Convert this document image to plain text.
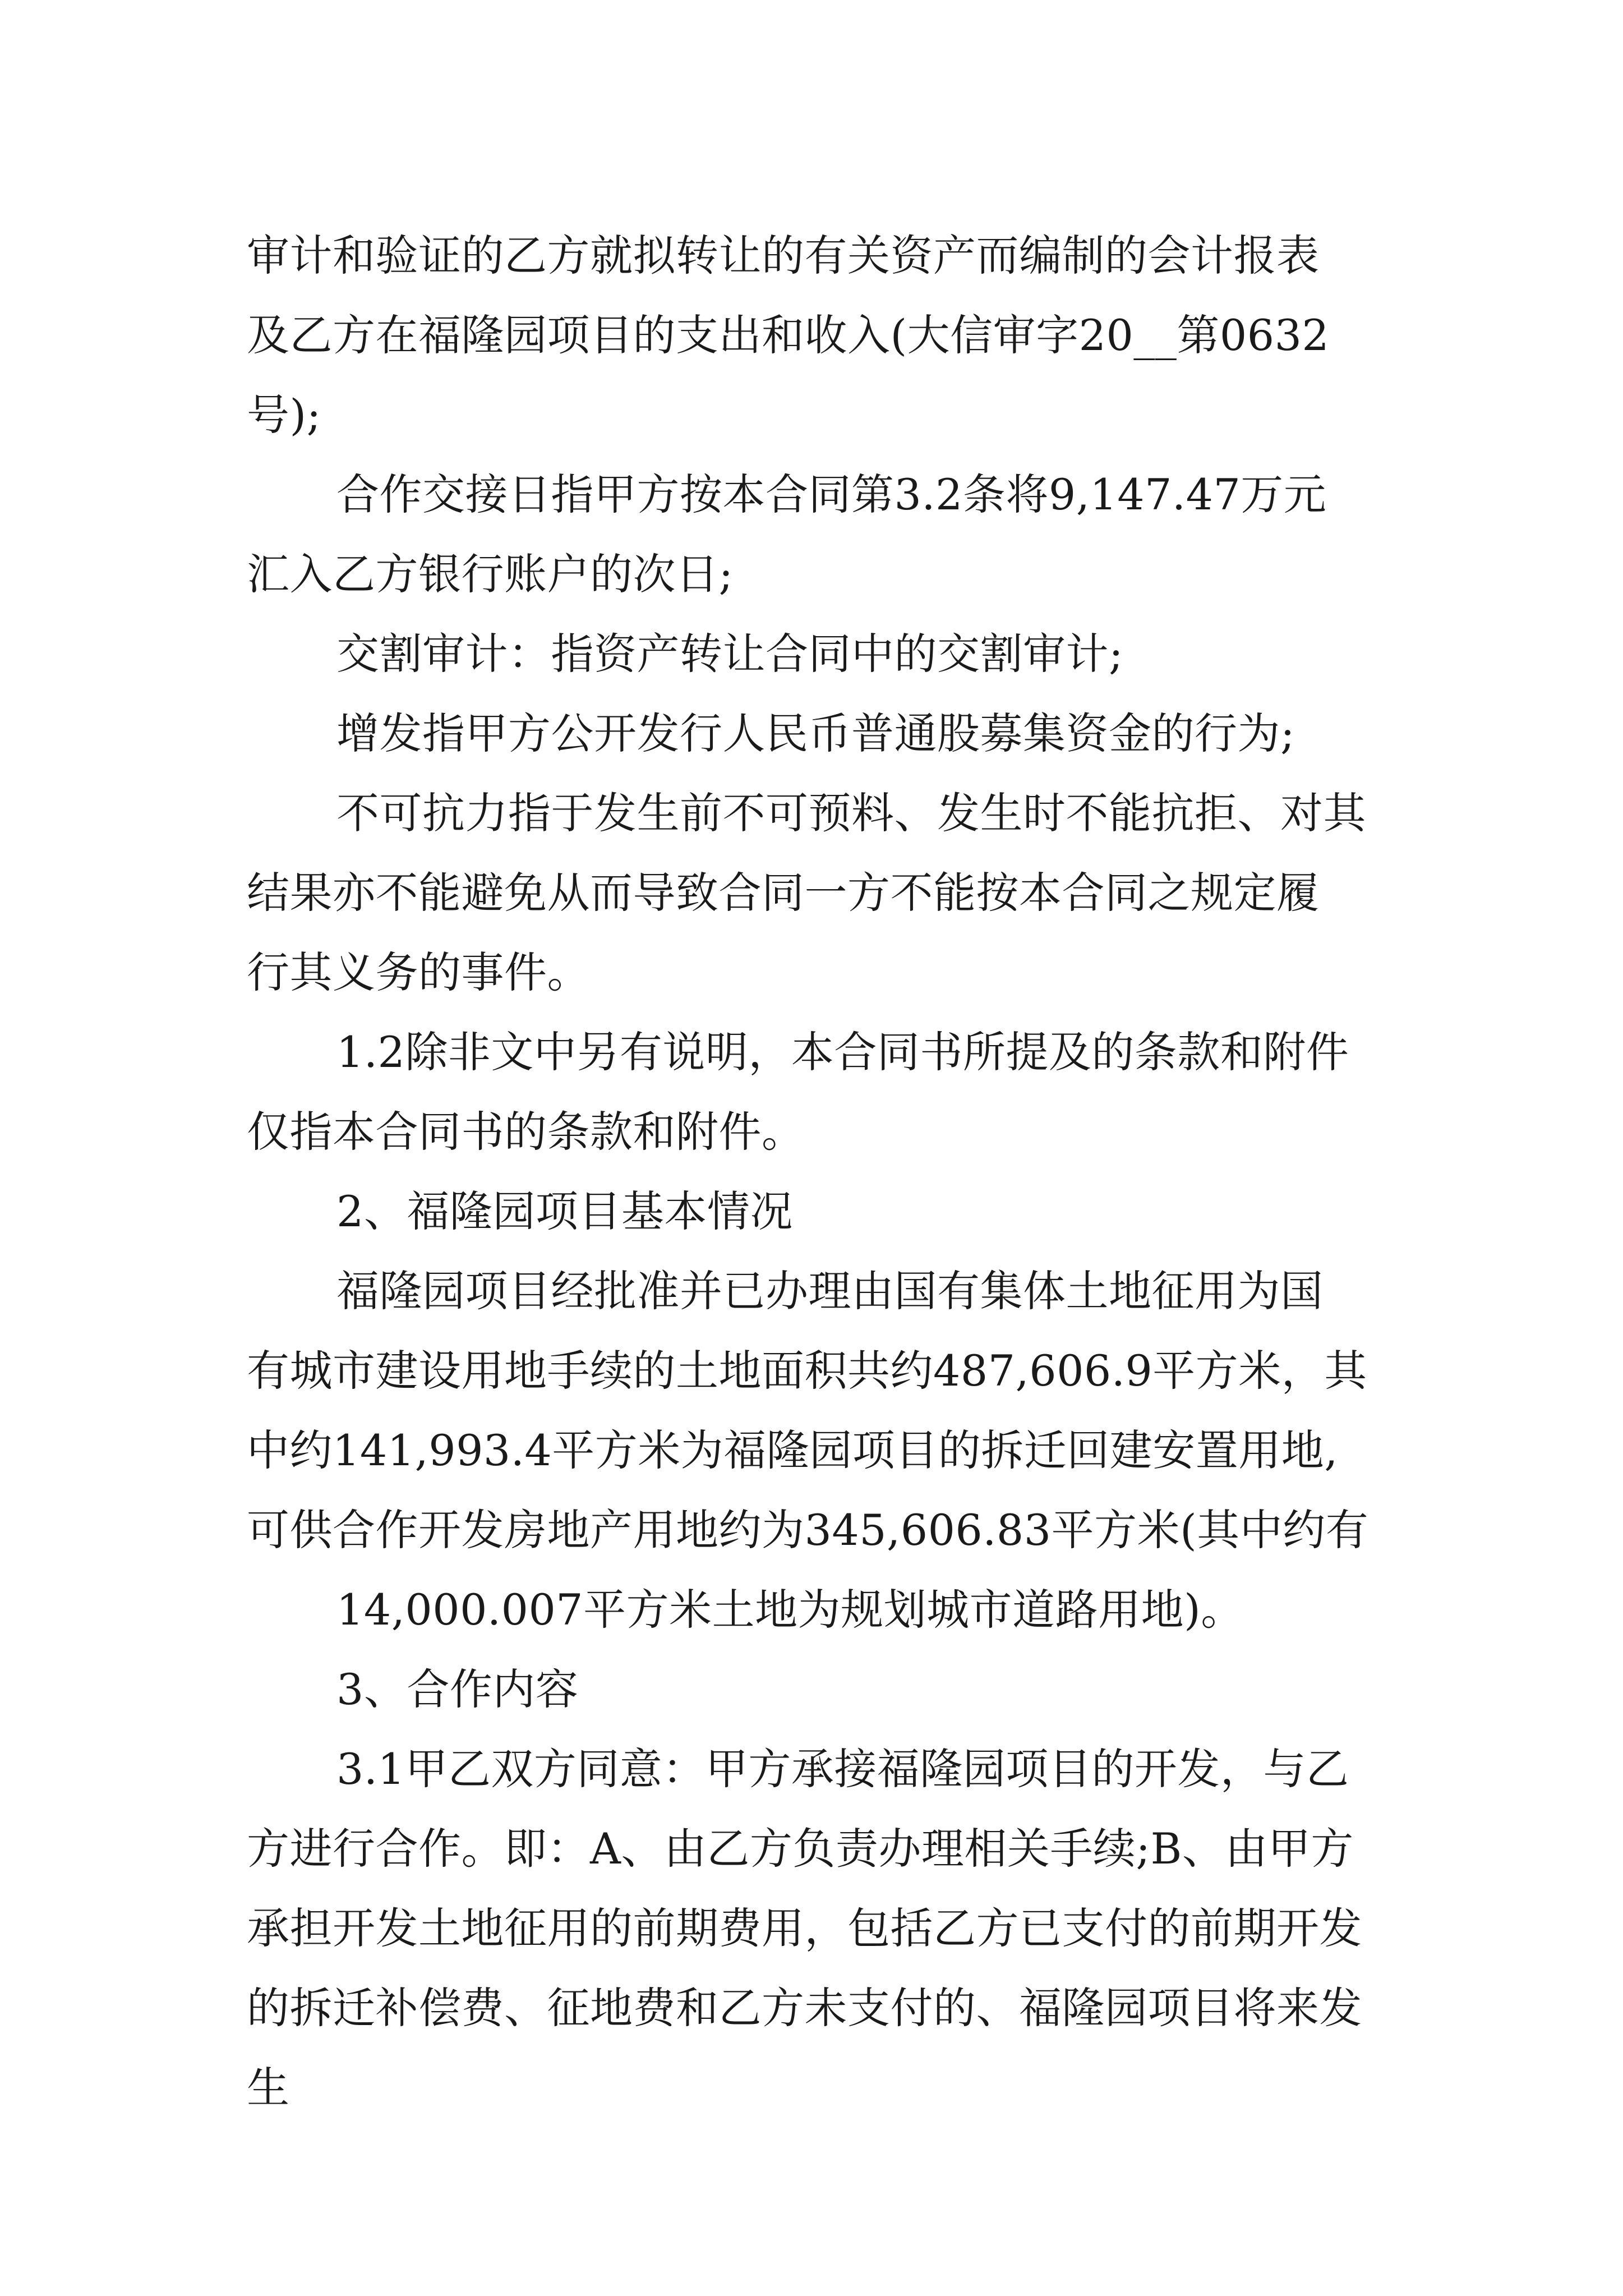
审计和验证的乙方就拟转让的有关资产而编制的会计报表
及乙方在福隆园项目的支出和收入(大信审字20__第0632
号);
合作交接日指甲方按本合同第3.2条将9,147.47万元
汇入乙方银行账户的次日;
交割审计：指资产转让合同中的交割审计;
增发指甲方公开发行人民币普通股募集资金的行为;
不可抗力指于发生前不可预料、发生时不能抗拒、对其
结果亦不能避免从而导致合同一方不能按本合同之规定履
行其义务的事件。
1.2除非文中另有说明，本合同书所提及的条款和附件
仅指本合同书的条款和附件。
2、福隆园项目基本情况
福隆园项目经批准并已办理由国有集体土地征用为国
有城市建设用地手续的土地面积共约487,606.9平方米，其
中约141,993.4平方米为福隆园项目的拆迁回建安置用地,
可供合作开发房地产用地约为345,606.83平方米(其中约有
14,000.007平方米土地为规划城市道路用地)。
3、合作内容
3.1甲乙双方同意：甲方承接福隆园项目的开发，与乙
方进行合作。即：A、由乙方负责办理相关手续;B、由甲方
承担开发土地征用的前期费用，包括乙方已支付的前期开发
的拆迁补偿费、征地费和乙方未支付的、福隆园项目将来发
生
